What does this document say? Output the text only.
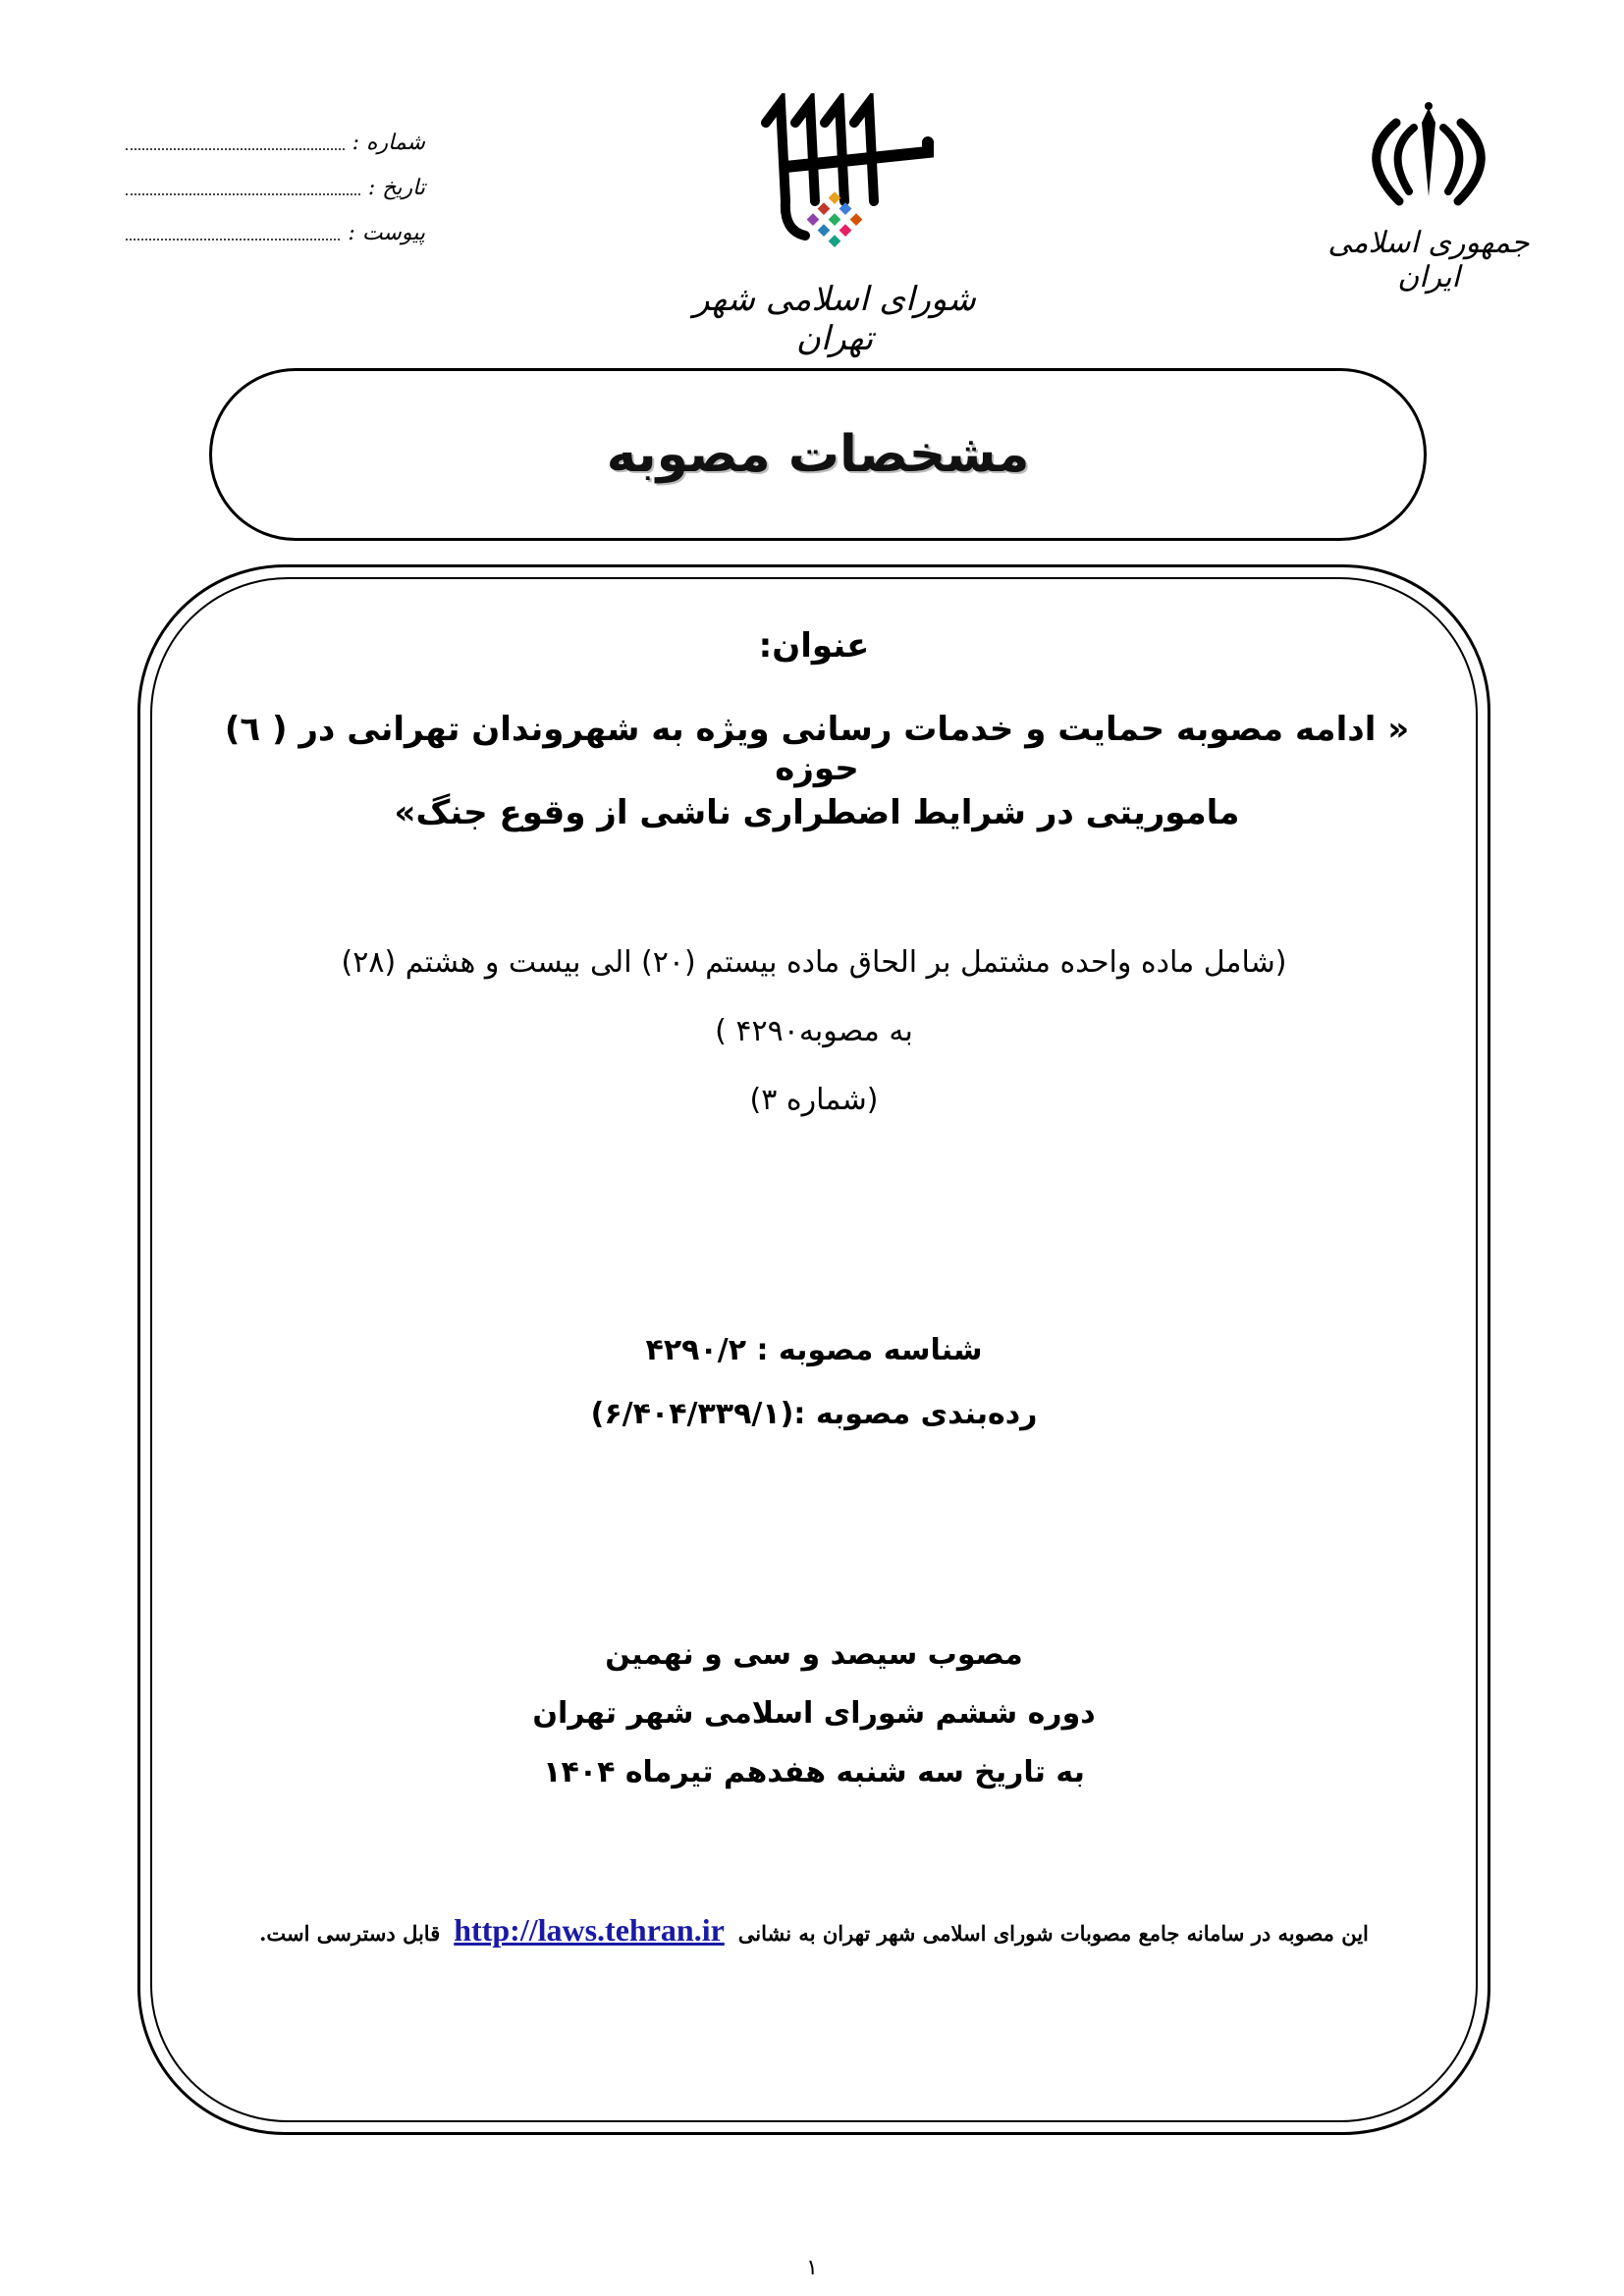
شماره :
تاریخ :
پیوست :
شورای اسلامی شهر تهران
جمهوری اسلامی ایران
مشخصات مصوبه
عنوان:
« ادامه مصوبه حمایت و خدمات رسانی ویژه به شهروندان تهرانی در ( ٦) حوزه
ماموریتی در شرایط اضطراری ناشی از وقوع جنگ»
(شامل ماده واحده مشتمل بر الحاق ماده بیستم (۲۰) الی بیست و هشتم (۲۸)
به مصوبه۴۲۹۰ )
(شماره ۳)
شناسه مصوبه : ۴۲۹۰/۲
رده‌بندی مصوبه :(۶/۴۰۴/۳۳۹/۱)
مصوب سیصد و سی و نهمین
دوره ششم شورای اسلامی شهر تهران
به تاریخ سه شنبه هفدهم تیرماه ۱۴۰۴
این مصوبه در سامانه جامع مصوبات شورای اسلامی شهر تهران به نشانی
http://laws.tehran.ir
قابل دسترسی است.
۱
